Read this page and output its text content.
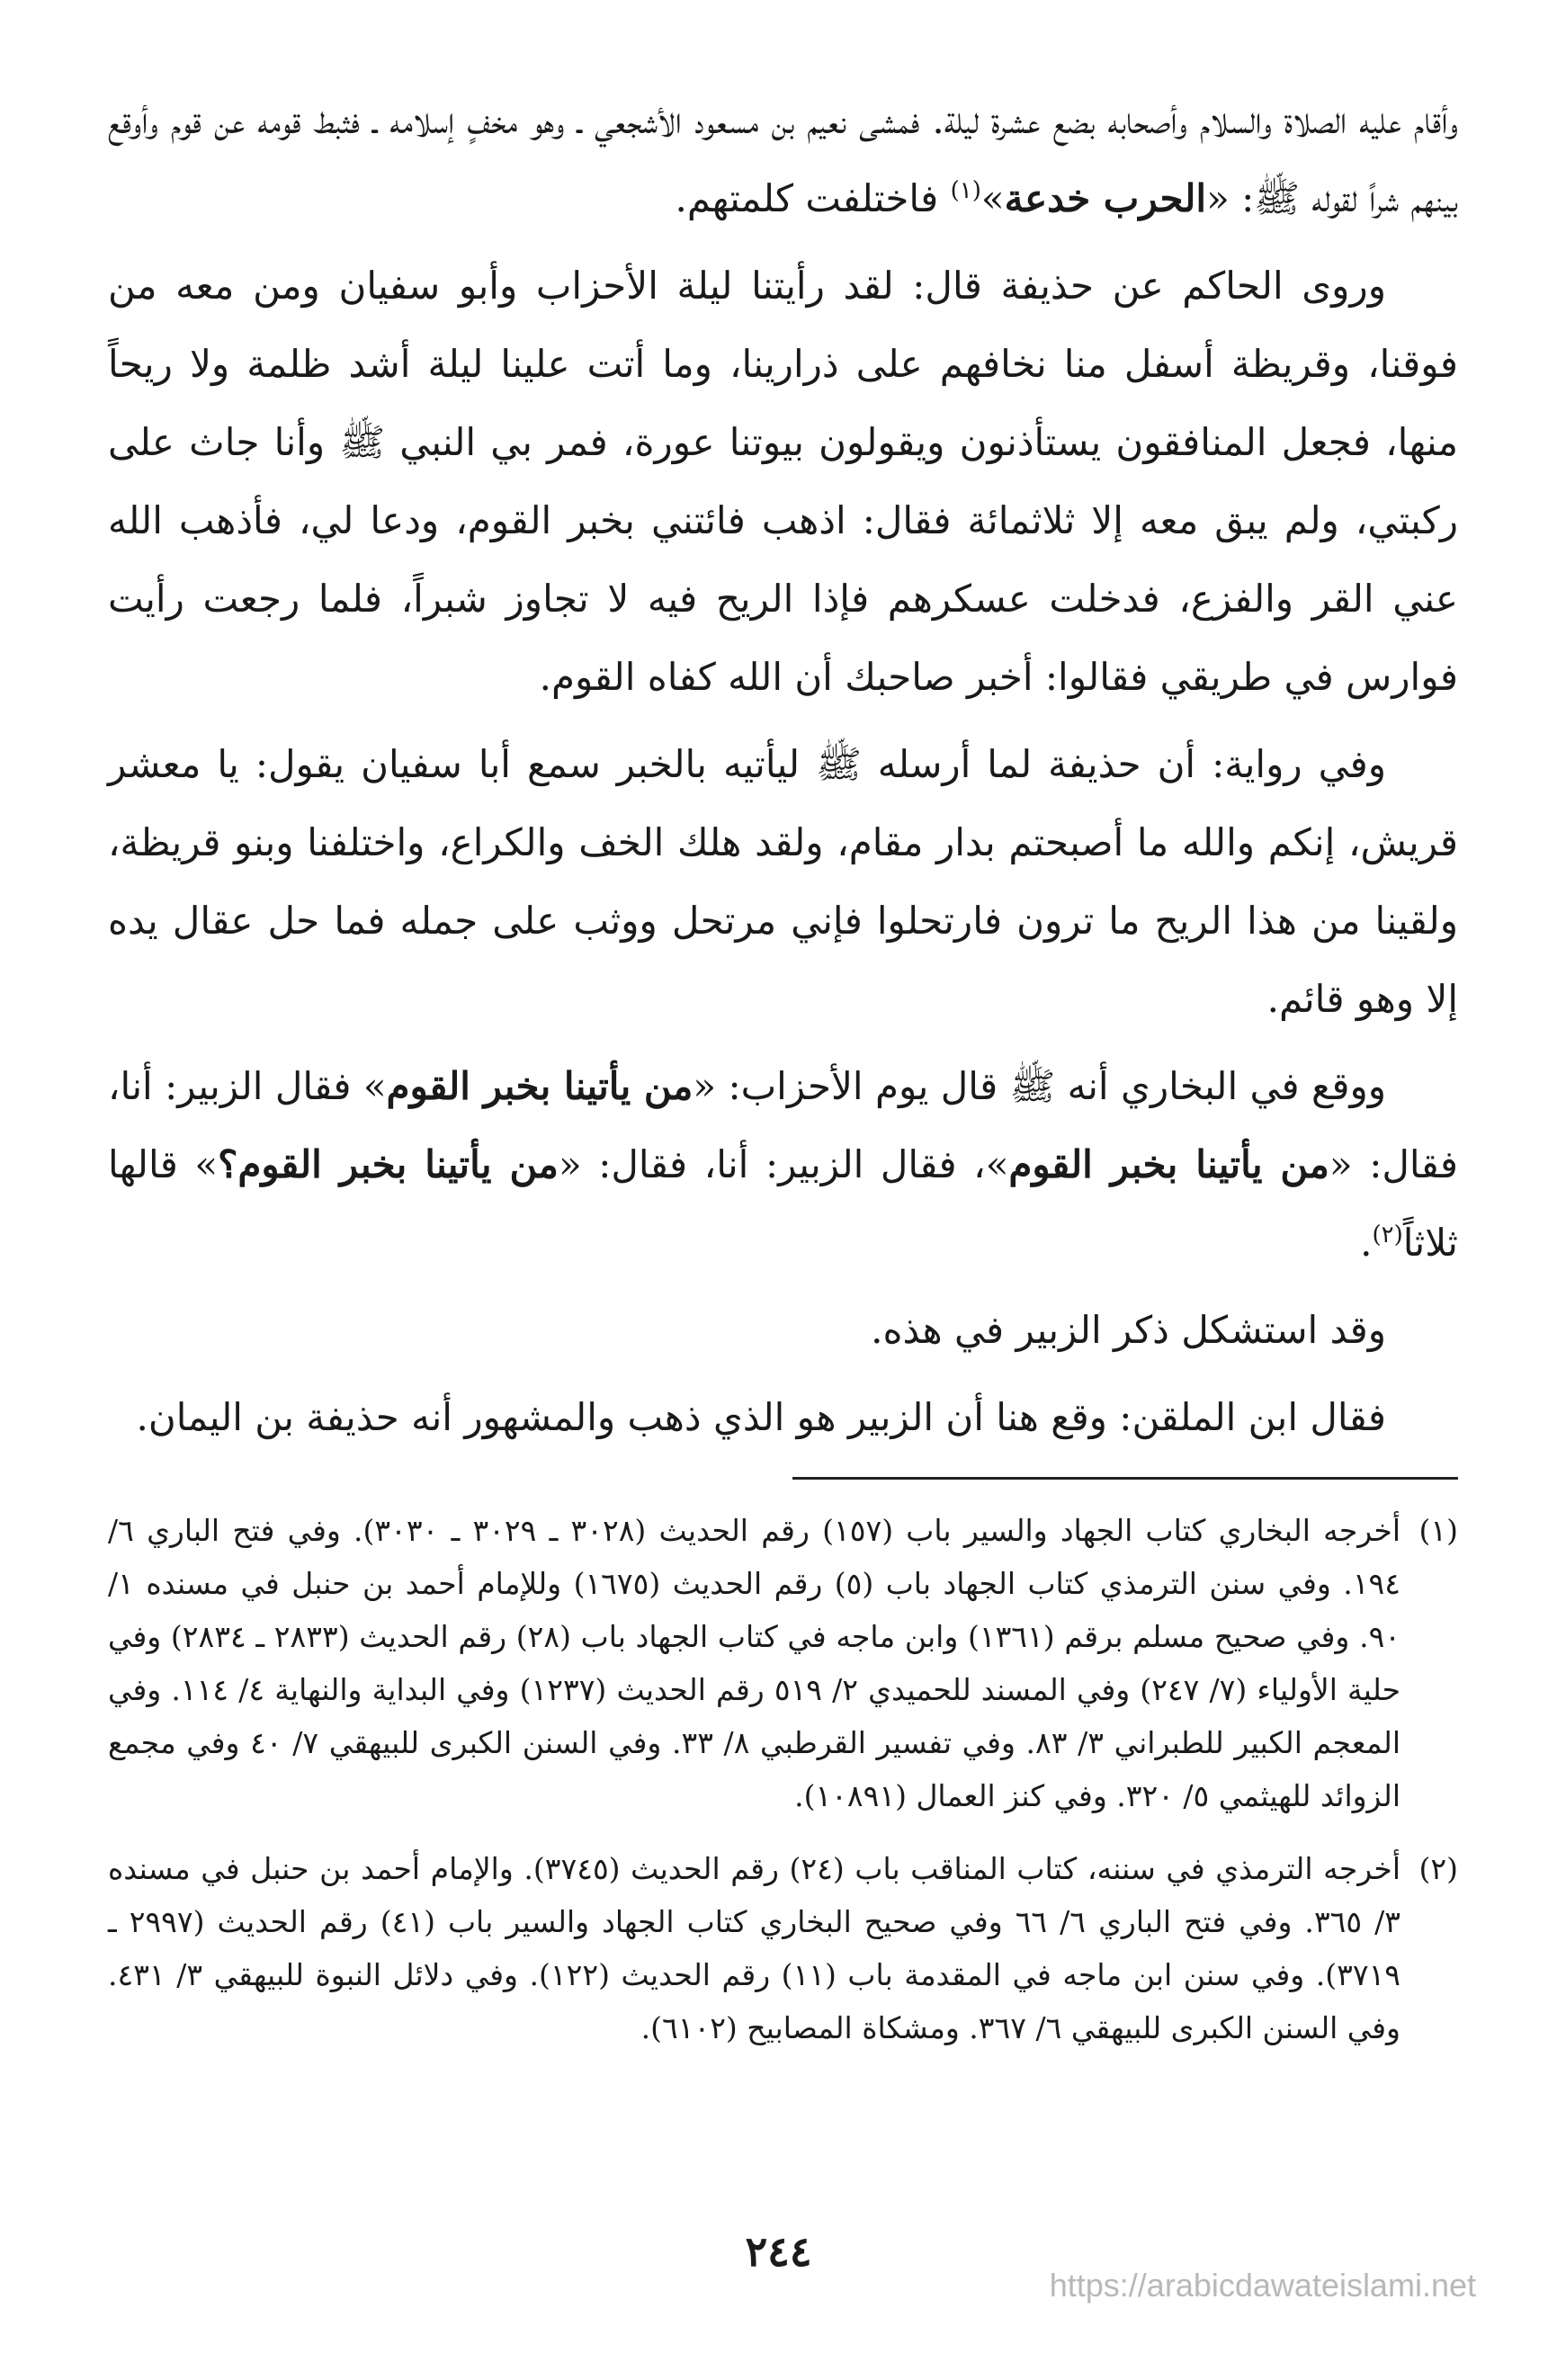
وأقام عليه الصلاة والسلام وأصحابه بضع عشرة ليلة. فمشى نعيم بن مسعود الأشجعي ـ وهو مخفٍ إسلامه ـ فثبط قومه عن قوم وأوقع بينهم شراً لقوله ﷺ: «الحرب خدعة»$^{(١)}$ فاختلفت كلمتهم.

وروى الحاكم عن حذيفة قال: لقد رأيتنا ليلة الأحزاب وأبو سفيان ومن معه من فوقنا، وقريظة أسفل منا نخافهم على ذرارينا، وما أتت علينا ليلة أشد ظلمة ولا ريحاً منها، فجعل المنافقون يستأذنون ويقولون بيوتنا عورة، فمر بي النبي ﷺ وأنا جاث على ركبتي، ولم يبق معه إلا ثلاثمائة فقال: اذهب فائتني بخبر القوم، ودعا لي، فأذهب الله عني القر والفزع، فدخلت عسكرهم فإذا الريح فيه لا تجاوز شبراً، فلما رجعت رأيت فوارس في طريقي فقالوا: أخبر صاحبك أن الله كفاه القوم.

وفي رواية: أن حذيفة لما أرسله ﷺ ليأتيه بالخبر سمع أبا سفيان يقول: يا معشر قريش، إنكم والله ما أصبحتم بدار مقام، ولقد هلك الخف والكراع، واختلفنا وبنو قريظة، ولقينا من هذا الريح ما ترون فارتحلوا فإني مرتحل ووثب على جمله فما حل عقال يده إلا وهو قائم.

ووقع في البخاري أنه ﷺ قال يوم الأحزاب: «من يأتينا بخبر القوم» فقال الزبير: أنا، فقال: «من يأتينا بخبر القوم»، فقال الزبير: أنا، فقال: «من يأتينا بخبر القوم؟» قالها ثلاثاً$^{(٢)}$.

وقد استشكل ذكر الزبير في هذه.

فقال ابن الملقن: وقع هنا أن الزبير هو الذي ذهب والمشهور أنه حذيفة بن اليمان.

(١)
أخرجه البخاري كتاب الجهاد والسير باب (١٥٧) رقم الحديث (٣٠٢٨ ـ ٣٠٢٩ ـ ٣٠٣٠). وفي فتح الباري ٦/ ١٩٤. وفي سنن الترمذي كتاب الجهاد باب (٥) رقم الحديث (١٦٧٥) وللإمام أحمد بن حنبل في مسنده ١/ ٩٠. وفي صحيح مسلم برقم (١٣٦١) وابن ماجه في كتاب الجهاد باب (٢٨) رقم الحديث (٢٨٣٣ ـ ٢٨٣٤) وفي حلية الأولياء (٧/ ٢٤٧) وفي المسند للحميدي ٢/ ٥١٩ رقم الحديث (١٢٣٧) وفي البداية والنهاية ٤/ ١١٤. وفي المعجم الكبير للطبراني ٣/ ٨٣. وفي تفسير القرطبي ٨/ ٣٣. وفي السنن الكبرى للبيهقي ٧/ ٤٠ وفي مجمع الزوائد للهيثمي ٥/ ٣٢٠. وفي كنز العمال (١٠٨٩١).
(٢)
أخرجه الترمذي في سننه، كتاب المناقب باب (٢٤) رقم الحديث (٣٧٤٥). والإمام أحمد بن حنبل في مسنده ٣/ ٣٦٥. وفي فتح الباري ٦/ ٦٦ وفي صحيح البخاري كتاب الجهاد والسير باب (٤١) رقم الحديث (٢٩٩٧ ـ ٣٧١٩). وفي سنن ابن ماجه في المقدمة باب (١١) رقم الحديث (١٢٢). وفي دلائل النبوة للبيهقي ٣/ ٤٣١. وفي السنن الكبرى للبيهقي ٦/ ٣٦٧. ومشكاة المصابيح (٦١٠٢).
٢٤٤
https://arabicdawateislami.net
